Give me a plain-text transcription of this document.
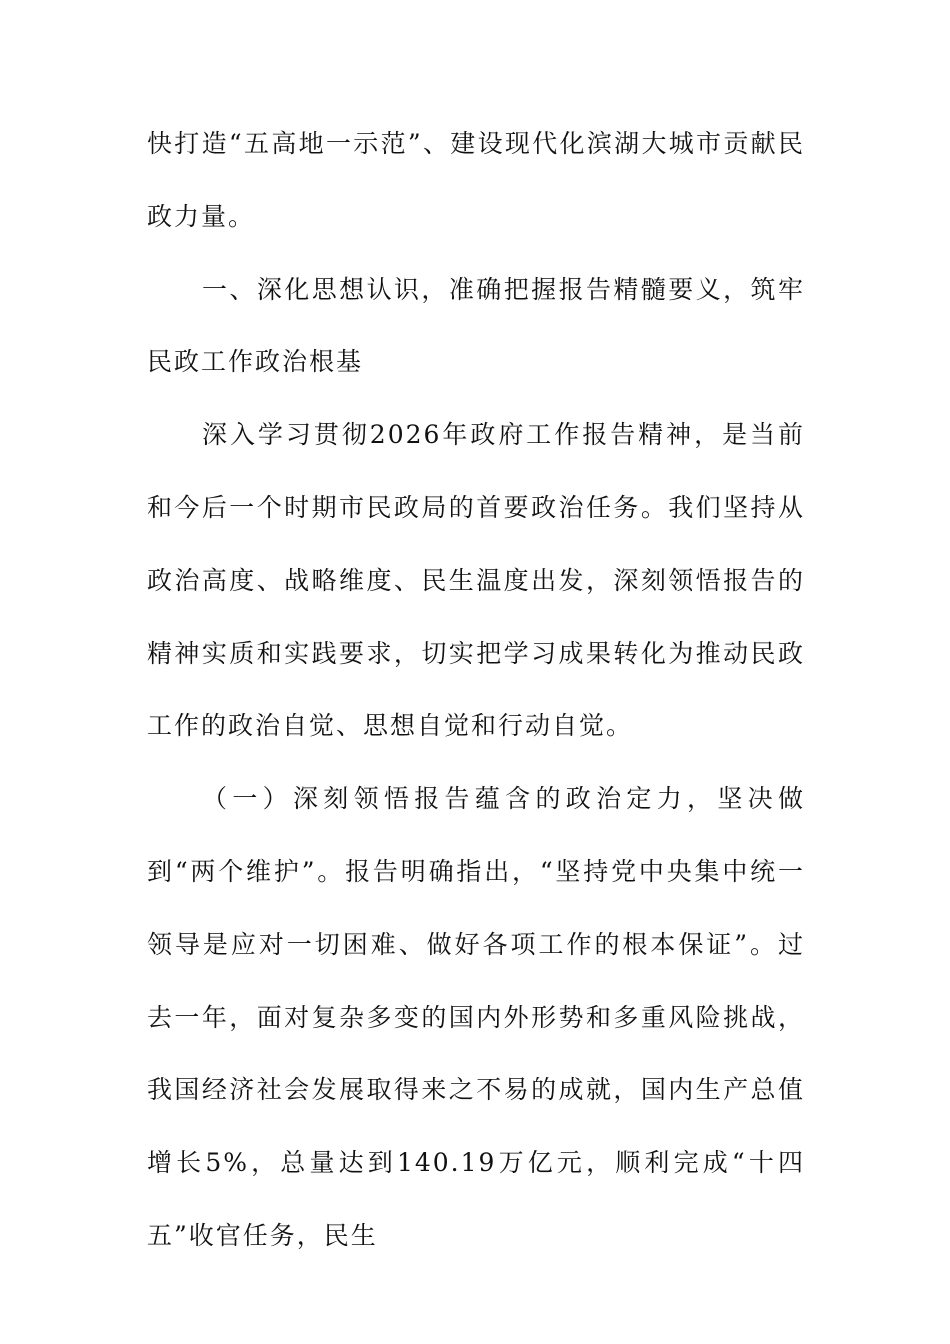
快打造“五高地一示范”、建设现代化滨湖大城市贡献民政力量。

一、深化思想认识，准确把握报告精髓要义，筑牢民政工作政治根基

深入学习贯彻2026年政府工作报告精神，是当前和今后一个时期市民政局的首要政治任务。我们坚持从政治高度、战略维度、民生温度出发，深刻领悟报告的精神实质和实践要求，切实把学习成果转化为推动民政工作的政治自觉、思想自觉和行动自觉。

（一）深刻领悟报告蕴含的政治定力，坚决做到“两个维护”。报告明确指出，“坚持党中央集中统一领导是应对一切困难、做好各项工作的根本保证”。过去一年，面对复杂多变的国内外形势和多重风险挑战，我国经济社会发展取得来之不易的成就，国内生产总值增长5%，总量达到140.19万亿元，顺利完成“十四五”收官任务，民生
